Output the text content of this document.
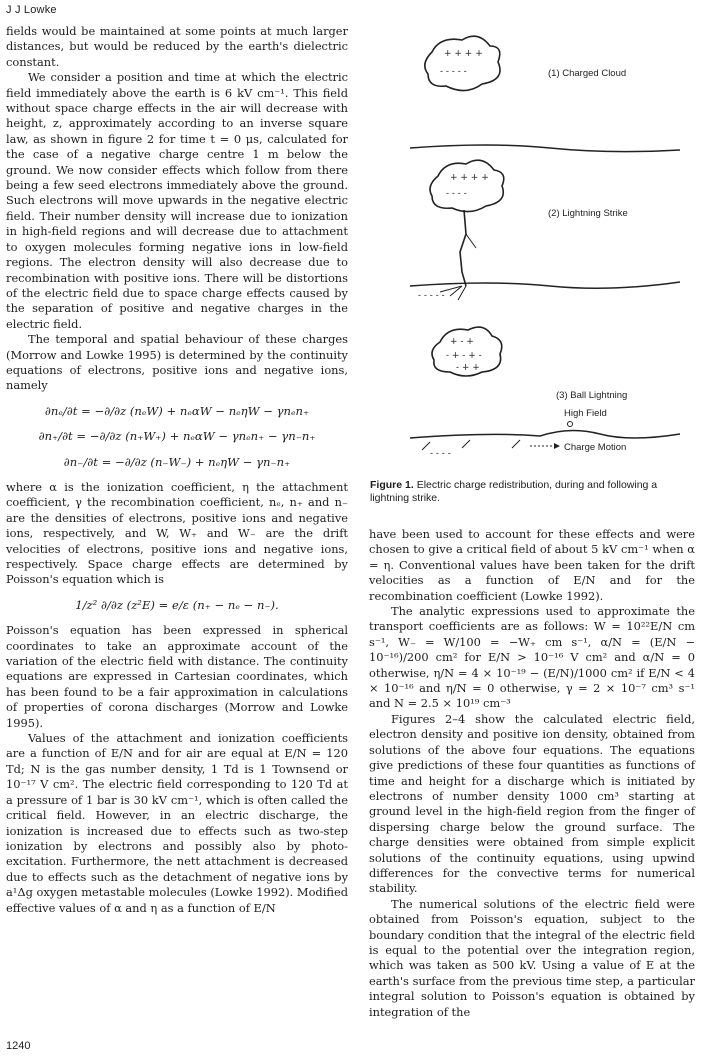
J J Lowke

fields would be maintained at some points at much larger distances, but would be reduced by the earth's dielectric constant.

We consider a position and time at which the electric field immediately above the earth is 6 kV cm⁻¹. This field without space charge effects in the air will decrease with height, z, approximately according to an inverse square law, as shown in figure 2 for time t = 0 μs, calculated for the case of a negative charge centre 1 m below the ground. We now consider effects which follow from there being a few seed electrons immediately above the ground. Such electrons will move upwards in the negative electric field. Their number density will increase due to ionization in high-field regions and will decrease due to attachment to oxygen molecules forming negative ions in low-field regions. The electron density will also decrease due to recombination with positive ions. There will be distortions of the electric field due to space charge effects caused by the separation of positive and negative charges in the electric field.

The temporal and spatial behaviour of these charges (Morrow and Lowke 1995) is determined by the continuity equations of electrons, positive ions and negative ions, namely

∂nₑ/∂t = −∂/∂z (nₑW) + nₑαW − nₑηW − γnₑn₊
∂n₊/∂t = −∂/∂z (n₊W₊) + nₑαW − γnₑn₊ − γn₋n₊
∂n₋/∂t = −∂/∂z (n₋W₋) + nₑηW − γn₋n₊

where α is the ionization coefficient, η the attachment coefficient, γ the recombination coefficient, nₑ, n₊ and n₋ are the densities of electrons, positive ions and negative ions, respectively, and W, W₊ and W₋ are the drift velocities of electrons, positive ions and negative ions, respectively. Space charge effects are determined by Poisson's equation which is

1/z² ∂/∂z (z²E) = e/ε (n₊ − nₑ − n₋).

Poisson's equation has been expressed in spherical coordinates to take an approximate account of the variation of the electric field with distance. The continuity equations are expressed in Cartesian coordinates, which has been found to be a fair approximation in calculations of properties of corona discharges (Morrow and Lowke 1995).

Values of the attachment and ionization coefficients are a function of E/N and for air are equal at E/N = 120 Td; N is the gas number density, 1 Td is 1 Townsend or 10⁻¹⁷ V cm². The electric field corresponding to 120 Td at a pressure of 1 bar is 30 kV cm⁻¹, which is often called the critical field. However, in an electric discharge, the ionization is increased due to effects such as two-step ionization by electrons and possibly also by photo-excitation. Furthermore, the nett attachment is decreased due to effects such as the detachment of negative ions by a¹Δg oxygen metastable molecules (Lowke 1992). Modified effective values of α and η as a function of E/N

+ + + +
- - - - -	(1) Charged Cloud
+ + + +
- - - -
- - - - -
(2) Lightning Strike
+ - +
- + - + -
- + +
(3) Ball Lightning
High Field
- - - -
Charge Motion
Figure 1. Electric charge redistribution, during and following a lightning strike.

have been used to account for these effects and were chosen to give a critical field of about 5 kV cm⁻¹ when α = η. Conventional values have been taken for the drift velocities as a function of E/N and for the recombination coefficient (Lowke 1992).

The analytic expressions used to approximate the transport coefficients are as follows: W = 10²²E/N cm s⁻¹, W₋ = W/100 = −W₊ cm s⁻¹, α/N = (E/N − 10⁻¹⁶)/200 cm² for E/N > 10⁻¹⁶ V cm² and α/N = 0 otherwise, η/N = 4 × 10⁻¹⁹ − (E/N)/1000 cm² if E/N < 4 × 10⁻¹⁶ and η/N = 0 otherwise, γ = 2 × 10⁻⁷ cm³ s⁻¹ and N = 2.5 × 10¹⁹ cm⁻³

Figures 2–4 show the calculated electric field, electron density and positive ion density, obtained from solutions of the above four equations. The equations give predictions of these four quantities as functions of time and height for a discharge which is initiated by electrons of number density 1000 cm³ starting at ground level in the high-field region from the finger of dispersing charge below the ground surface. The charge densities were obtained from simple explicit solutions of the continuity equations, using upwind differences for the convective terms for numerical stability.

The numerical solutions of the electric field were obtained from Poisson's equation, subject to the boundary condition that the integral of the electric field is equal to the potential over the integration region, which was taken as 500 kV. Using a value of E at the earth's surface from the previous time step, a particular integral solution to Poisson's equation is obtained by integration of the

1240
